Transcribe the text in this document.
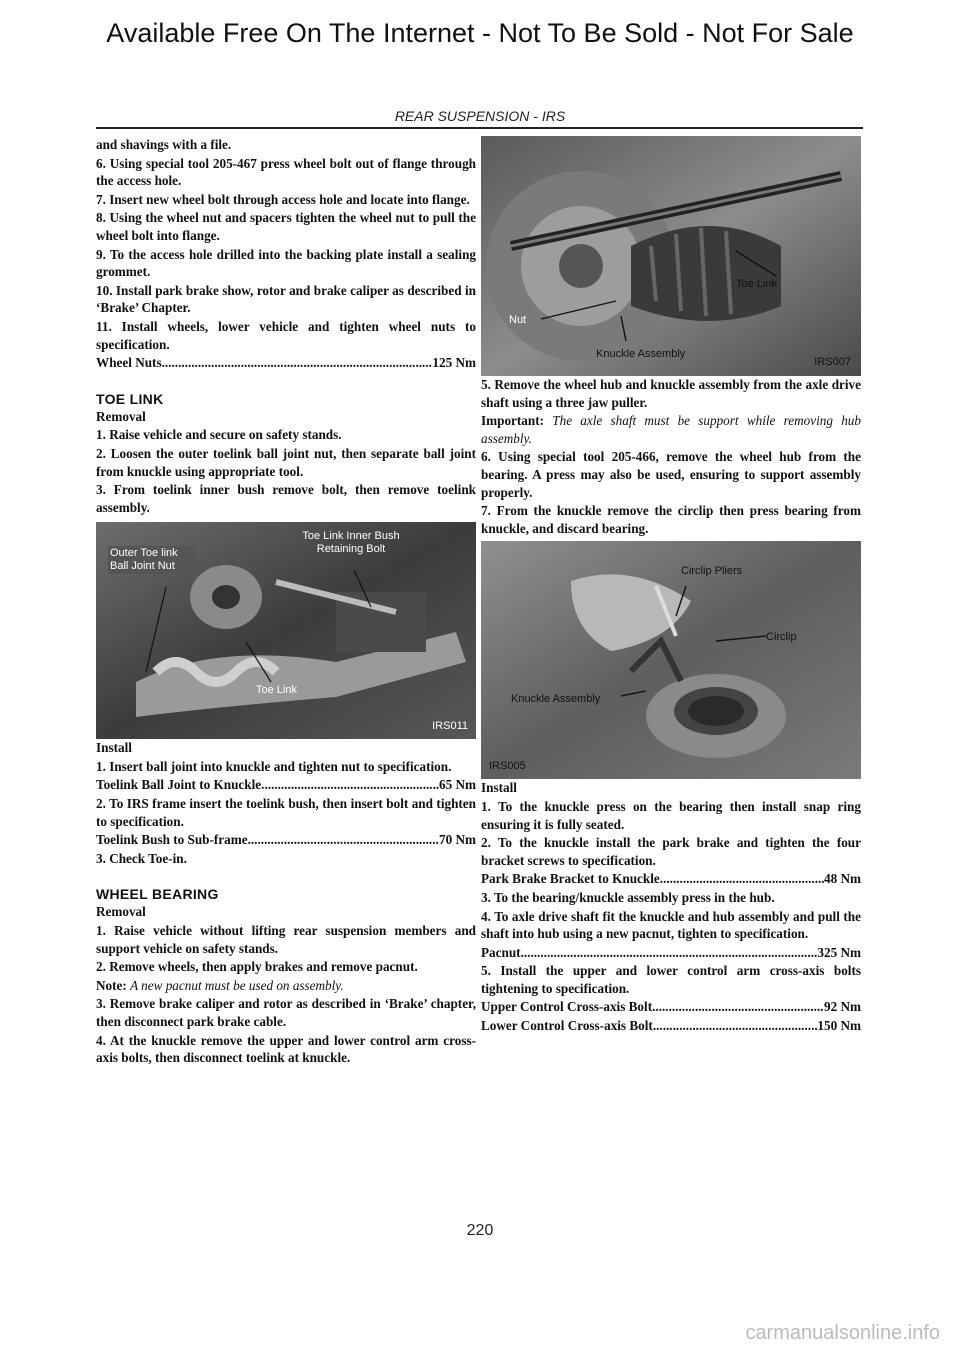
Available Free On The Internet - Not To Be Sold - Not For Sale
REAR SUSPENSION - IRS

and shavings with a file.

6. Using special tool 205-467 press wheel bolt out of flange through the access hole.

7. Insert new wheel bolt through access hole and locate into flange.

8. Using the wheel nut and spacers tighten the wheel nut to pull the wheel bolt into flange.

9. To the access hole drilled into the backing plate install a sealing grommet.

10. Install park brake show, rotor and brake caliper as described in ‘Brake’ Chapter.

11. Install wheels, lower vehicle and tighten wheel nuts to specification.

Wheel Nuts .....	125 Nm
TOE LINK

Removal

1. Raise vehicle and secure on safety stands.

2. Loosen the outer toelink ball joint nut, then separate ball joint from knuckle using appropriate tool.

3. From toelink inner bush remove bolt, then remove toelink assembly.

Outer Toe link Ball Joint Nut
Toe Link Inner Bush Retaining Bolt
Toe Link
IRS011

Install

1. Insert ball joint into knuckle and tighten nut to specification.

Toelink Ball Joint to Knuckle .....	65 Nm

2. To IRS frame insert the toelink bush, then insert bolt and tighten to specification.

Toelink Bush to Sub-frame .....	70 Nm

3. Check Toe-in.

WHEEL BEARING

Removal

1. Raise vehicle without lifting rear suspension members and support vehicle on safety stands.

2. Remove wheels, then apply brakes and remove pacnut.

Note: A new pacnut must be used on assembly.

3. Remove brake caliper and rotor as described in ‘Brake’ chapter, then disconnect park brake cable.

4. At the knuckle remove the upper and lower control arm cross-axis bolts, then disconnect toelink at knuckle.

Nut
Toe Link
Knuckle Assembly
IRS007

5. Remove the wheel hub and knuckle assembly from the axle drive shaft using a three jaw puller.

Important: The axle shaft must be support while removing hub assembly.

6. Using special tool 205-466, remove the wheel hub from the bearing. A press may also be used, ensuring to support assembly properly.

7. From the knuckle remove the circlip then press bearing from knuckle, and discard bearing.

Circlip Pliers
Circlip
Knuckle Assembly
IRS005

Install

1. To the knuckle press on the bearing then install snap ring ensuring it is fully seated.

2. To the knuckle install the park brake and tighten the four bracket screws to specification.

Park Brake Bracket to Knuckle .....	48 Nm

3. To the bearing/knuckle assembly press in the hub.

4. To axle drive shaft fit the knuckle and hub assembly and pull the shaft into hub using a new pacnut, tighten to specification.

Pacnut .....	325 Nm

5. Install the upper and lower control arm cross-axis bolts tightening to specification.

Upper Control Cross-axis Bolt .....	92 Nm
Lower Control Cross-axis Bolt .....	150 Nm
220
carmanualsonline.info
